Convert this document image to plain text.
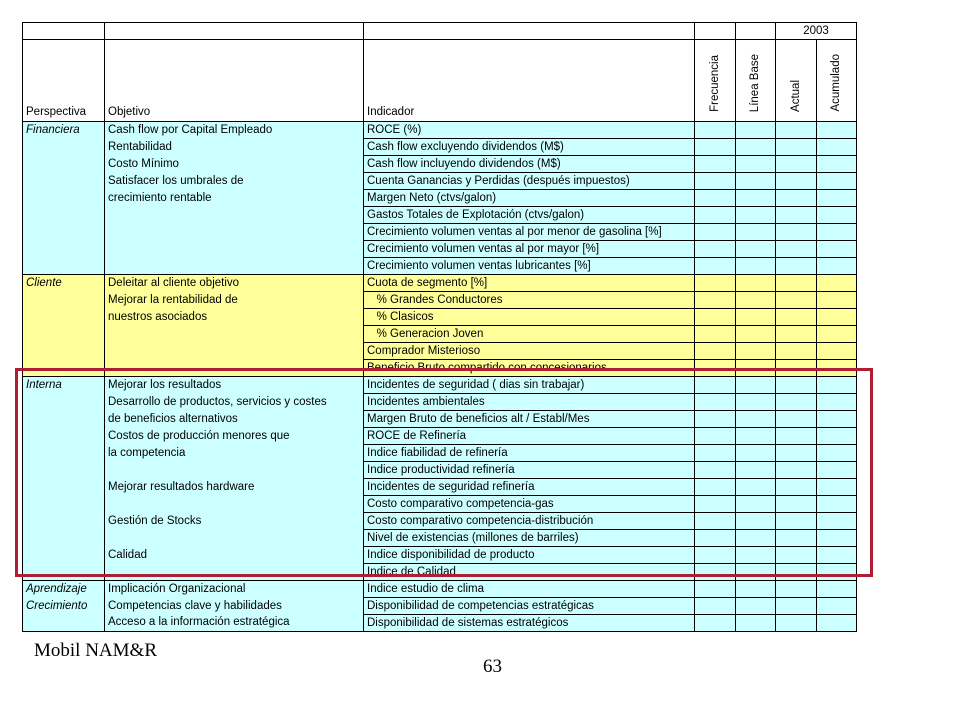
					2003	
Perspectiva	Objetivo	Indicador	Frecuencia	Línea Base	Actual	Acumulado
Financiera	Cash flow por Capital Empleado	ROCE (%)				
	Rentabilidad	Cash flow excluyendo dividendos (M$)				
	Costo Mínimo	Cash flow incluyendo dividendos (M$)				
	Satisfacer los umbrales de	Cuenta Ganancias y Perdidas (después impuestos)				
	crecimiento rentable	Margen Neto (ctvs/galon)				
		Gastos Totales de Explotación (ctvs/galon)				
		Crecimiento volumen ventas al por menor de gasolina [%]				
		Crecimiento volumen ventas al por mayor [%]				
		Crecimiento volumen ventas lubricantes [%]				
Cliente	Deleitar al cliente objetivo	Cuota de segmento [%]				
	Mejorar la rentabilidad de	% Grandes Conductores				
	nuestros asociados	% Clasicos				
		% Generacion Joven				
		Comprador Misterioso				
		Beneficio Bruto compartido con concesionarios				
Interna	Mejorar los resultados	Incidentes de seguridad ( dias sin trabajar)				
	Desarrollo de productos, servicios y costes	Incidentes ambientales				
	de beneficios alternativos	Margen Bruto de beneficios alt / Establ/Mes				
	Costos de producción menores que	ROCE de Refinería				
	la competencia	Indice fiabilidad de refinería				
		Indice productividad refinería				
	Mejorar resultados hardware	Incidentes de seguridad refinería				
		Costo comparativo competencia-gas				
	Gestión de Stocks	Costo comparativo competencia-distribución				
		Nivel de existencias (millones de barriles)				
	Calidad	Indice disponibilidad de producto				
		Indice de Calidad				
Aprendizaje	Implicación Organizacional	Indice estudio de clima				
Crecimiento	Competencias clave y habilidades	Disponibilidad de competencias estratégicas				
	Acceso a la información estratégica	Disponibilidad de sistemas estratégicos				
Mobil NAM&R
63
